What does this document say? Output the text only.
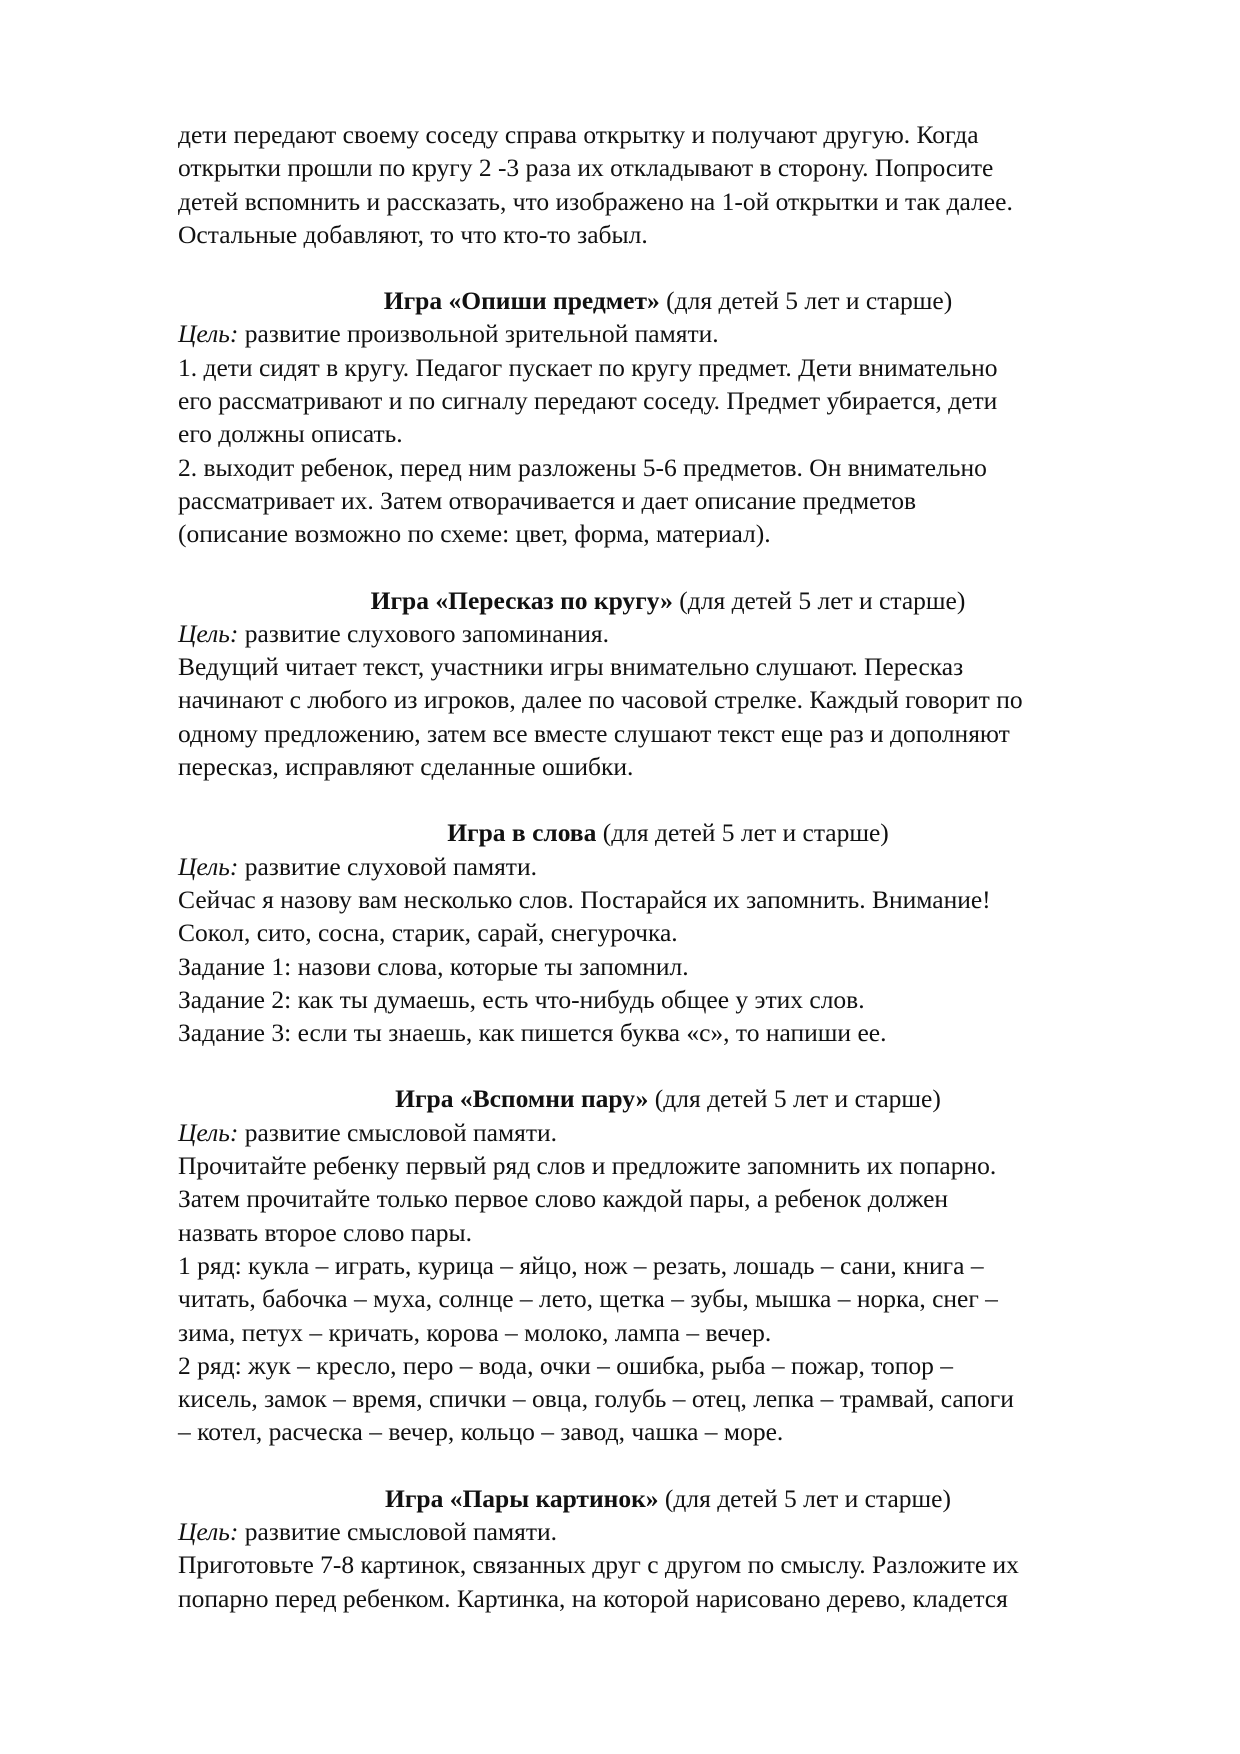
дети передают своему соседу справа открытку и получают другую. Когда

открытки прошли по кругу 2 -3 раза их откладывают в сторону. Попросите

детей вспомнить и рассказать, что изображено на 1-ой открытки и так далее.

Остальные добавляют, то что кто-то забыл.

Игра «Опиши предмет» (для детей 5 лет и старше)

Цель: развитие произвольной зрительной памяти.

1. дети сидят в кругу. Педагог пускает по кругу предмет. Дети внимательно

его рассматривают и по сигналу передают соседу. Предмет убирается, дети

его должны описать.

2. выходит ребенок, перед ним разложены 5-6 предметов. Он внимательно

рассматривает их. Затем отворачивается и дает описание предметов

(описание возможно по схеме: цвет, форма, материал).

Игра «Пересказ по кругу» (для детей 5 лет и старше)

Цель: развитие слухового запоминания.

Ведущий читает текст, участники игры внимательно слушают. Пересказ

начинают с любого из игроков, далее по часовой стрелке. Каждый говорит по

одному предложению, затем все вместе слушают текст еще раз и дополняют

пересказ, исправляют сделанные ошибки.

Игра в слова (для детей 5 лет и старше)

Цель: развитие слуховой памяти.

Сейчас я назову вам несколько слов. Постарайся их запомнить. Внимание!

Сокол, сито, сосна, старик, сарай, снегурочка.

Задание 1: назови слова, которые ты запомнил.

Задание 2: как ты думаешь, есть что-нибудь общее у этих слов.

Задание 3: если ты знаешь, как пишется буква «с», то напиши ее.

Игра «Вспомни пару» (для детей 5 лет и старше)

Цель: развитие смысловой памяти.

Прочитайте ребенку первый ряд слов и предложите запомнить их попарно.

Затем прочитайте только первое слово каждой пары, а ребенок должен

назвать второе слово пары.

1 ряд: кукла – играть, курица – яйцо, нож – резать, лошадь – сани, книга –

читать, бабочка – муха, солнце – лето, щетка – зубы, мышка – норка, снег –

зима, петух – кричать, корова – молоко, лампа – вечер.

2 ряд: жук – кресло, перо – вода, очки – ошибка, рыба – пожар, топор –

кисель, замок – время, спички – овца, голубь – отец, лепка – трамвай, сапоги

– котел, расческа – вечер, кольцо – завод, чашка – море.

Игра «Пары картинок» (для детей 5 лет и старше)

Цель: развитие смысловой памяти.

Приготовьте 7-8 картинок, связанных друг с другом по смыслу. Разложите их

попарно перед ребенком. Картинка, на которой нарисовано дерево, кладется
